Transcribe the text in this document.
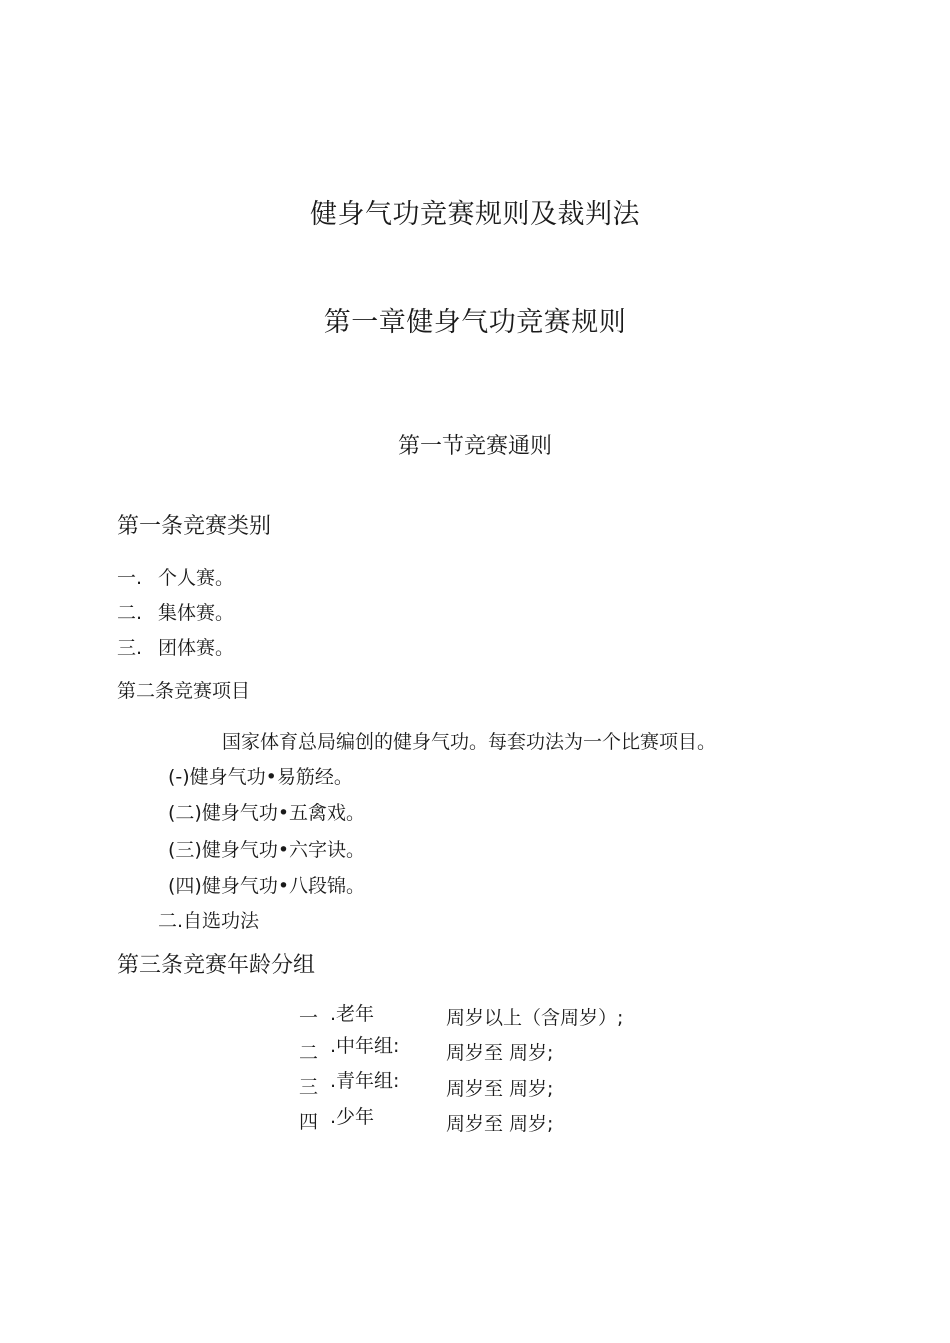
健身气功竞赛规则及裁判法
第一章健身气功竞赛规则
第一节竞赛通则
第一条竞赛类别
一. 个人赛。
二. 集体赛。
三. 团体赛。
第二条竞赛项目
国家体育总局编创的健身气功。每套功法为一个比赛项目。
(-)健身气功•易筋经。
(二)健身气功•五禽戏。
(三)健身气功•六字诀。
(四)健身气功•八段锦。
二.自选功法
第三条竞赛年龄分组
一 .老年	周岁以上（含周岁）;
二 .中年组: 周岁至 周岁;
三 .青年组: 周岁至 周岁;
四 .少年	周岁至 周岁;
